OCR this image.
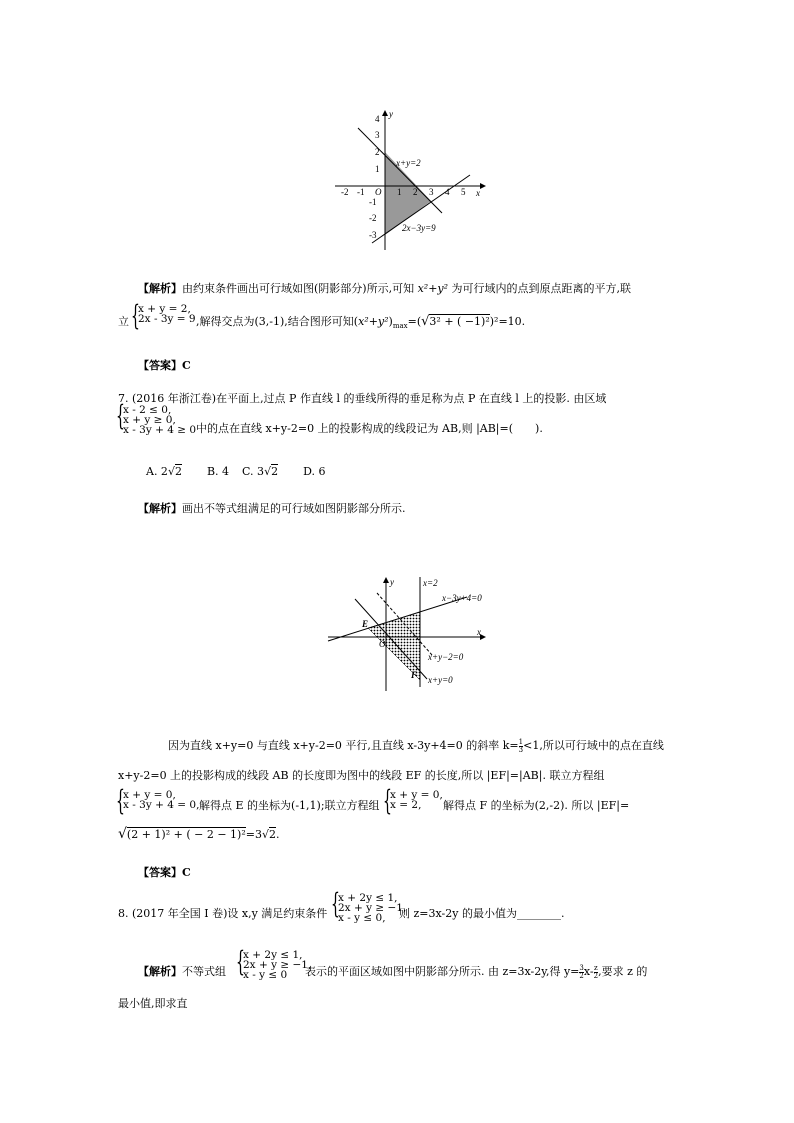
y
x
O
4
3
2
1
-1
-2
-3
-2 -1	1 2 3 4 5
x+y=2
2x−3y=9
【解析】由约束条件画出可行域如图(阴影部分)所示,可知 x²+y² 为可行域内的点到原点距离的平方,联
立 {
x + y = 2,
2x - 3y = 9 ,解得交点为(3,-1),结合图形可知$(x^2+y^2)_{max}=(√3^2$ + ( −1)²)²=10.
【答案】C
7. (2016 年浙江卷)在平面上,过点 P 作直线 l 的垂线所得的垂足称为点 P 在直线 l 上的投影. 由区域
{
x - 2 ≤ 0,
x + y ≥ 0,
x - 3y + 4 ≥ 0 中的点在直线 x+y-2=0 上的投影构成的线段记为 AB,则 |AB|=(　　).
A. 2√2 B. 4 C. 3√2 D. 6
【解析】画出不等式组满足的可行域如图阴影部分所示.
y
x
O
x=2
x−3y+4=0
x+y−2=0
x+y=0
E
F
因为直线 x+y=0 与直线 x+y-2=0 平行,且直线 x-3y+4=0 的斜率 $k= \frac{1}{3} <1$,所以可行域中的点在直线
x+y-2=0 上的投影构成的线段 AB 的长度即为图中的线段 EF 的长度,所以 |EF|=|AB|. 联立方程组
{
x + y = 0,
x - 3y + 4 = 0, 解得点 E 的坐标为(-1,1);联立方程组 {
x + y = 0,
x = 2,	解得点 F 的坐标为(2,-2). 所以 |EF|=
√(2 + 1)² + ( − 2 − 1)²=3√2.
【答案】C
8. (2017 年全国 Ⅰ 卷)设 x,y 满足约束条件 {
x + 2y ≤ 1,
2x + y ≥ −1,
x - y ≤ 0,	则 z=3x-2y 的最小值为________.
【解析】不等式组 {
x + 2y ≤ 1,
2x + y ≥ −1,
x - y ≤ 0	表示的平面区域如图中阴影部分所示. 由 z=3x-2y,得 $y= \frac{3}{2} x- \frac{z}{2}$ ,要求 z 的
最小值,即求直
